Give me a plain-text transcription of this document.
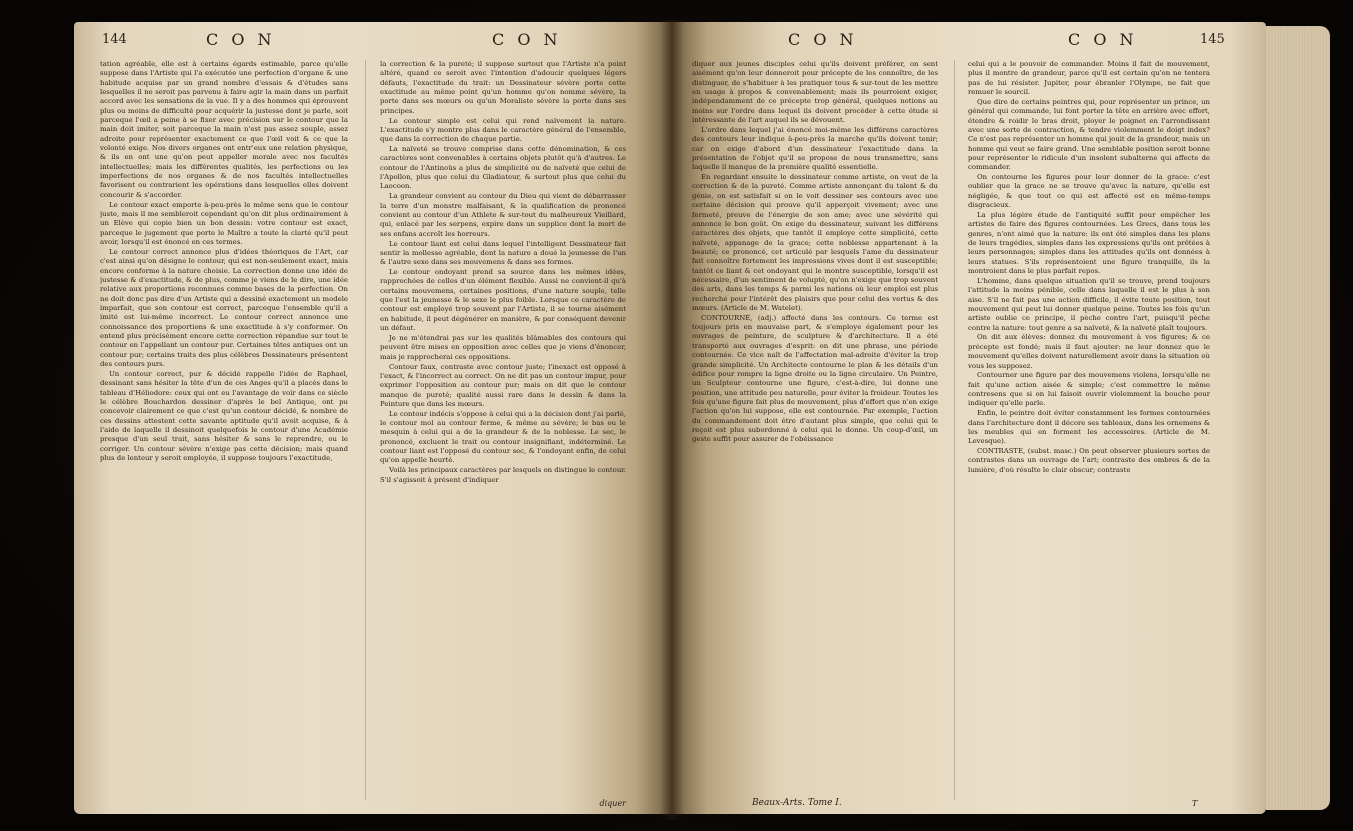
144	C O N	C O N

tation agréable, elle est à certains égards estimable, parce qu'elle suppose dans l'Artiste qui l'a exécutée une perfection d'organe & une habitude acquise par un grand nombre d'essais & d'études sans lesquelles il ne seroit pas parvenu à faire agir la main dans un parfait accord avec les sensations de la vue. Il y a des hommes qui éprouvent plus ou moins de difficulté pour acquérir la justesse dont je parle, soit parceque l'œil a peine à se fixer avec précision sur le contour que la main doit imiter, soit parceque la main n'est pas assez souple, assez adroite pour représenter exactement ce que l'œil voit & ce que la volonté exige. Nos divers organes ont entr'eux une relation physique, & ils en ont une qu'on peut appeller morale avec nos facultés intellectuelles; mais les différentes qualités, les perfections ou les imperfections de nos organes & de nos facultés intellectuelles favorisent ou contrarient les opérations dans lesquelles elles doivent concourir & s'accorder.

Le contour exact emporte à-peu-près le même sens que le contour juste, mais il me sembleroit cependant qu'on dit plus ordinairement à un Elève qui copie bien un bon dessin: votre contour est exact, parceque le jugement que porte le Maître a toute la clarté qu'il peut avoir, lorsqu'il est énoncé en ces termes.

Le contour correct annonce plus d'idées théoriques de l'Art, car c'est ainsi qu'on désigne le contour, qui est non-seulement exact, mais encore conforme à la nature choisie. La correction donne une idée de justesse & d'exactitude, & de plus, comme je viens de le dire, une idée relative aux proportions reconnues comme bases de la perfection. On ne doit donc pas dire d'un Artiste qui a dessiné exactement un modele imparfait, que son contour est correct, parceque l'ensemble qu'il a imité est lui-même incorrect. Le contour correct annonce une connoissance des proportions & une exactitude à s'y conformer. On entend plus précisément encore cette correction répandue sur tout le contour en l'appellant un contour pur. Certaines têtes antiques ont un contour pur; certains traits des plus célèbres Dessinateurs présentent des contours purs.

Un contour correct, pur & décidé rappelle l'idée de Raphael, dessinant sans hésiter la tête d'un de ces Anges qu'il a placés dans le tableau d'Héliodore: ceux qui ont eu l'avantage de voir dans ce siècle le célèbre Bouchardon dessiner d'après le bel Antique, ont pu concevoir clairement ce que c'est qu'un contour décidé, & nombre de ces dessins attestent cette savante aptitude qu'il avoit acquise, & à l'aide de laquelle il dessinoit quelquefois le contour d'une Académie presque d'un seul trait, sans hésiter & sans le reprendre, ou le corriger. Un contour sévère n'exige pas cette décision; mais quand plus de lenteur y seroit employée, il suppose toujours l'exactitude,

la correction & la pureté; il suppose surtout que l'Artiste n'a point altéré, quand ce seroit avec l'intention d'adoucir quelques légers défauts, l'exactitude du trait: un Dessinateur sévère porte cette exactitude au même point qu'un homme qu'on nomme sévère, la porte dans ses mœurs ou qu'un Moraliste sévère la porte dans ses principes.

Le contour simple est celui qui rend naïvement la nature. L'exactitude s'y montre plus dans le caractère général de l'ensemble, que dans la correction de chaque partie.

La naïveté se trouve comprise dans cette dénomination, & ces caractères sont convenables à certains objets plutôt qu'à d'autres. Le contour de l'Antinoüs a plus de simplicité ou de naïveté que celui de l'Apollon, plus que celui du Gladiateur, & surtout plus que celui du Laocoon.

La grandeur convient au contour du Dieu qui vient de débarrasser la terre d'un monstre malfaisant, & la qualification de prononcé convient au contour d'un Athlete & sur-tout du malheureux Vieillard, qui, enlacé par les serpens, expire dans un supplice dont la mort de ses enfans accroît les horreurs.

Le contour liant est celui dans lequel l'intelligent Dessinateur fait sentir la mollesse agréable, dont la nature a doué la jeunesse de l'un & l'autre sexe dans ses mouvemens & dans ses formes.

Le contour ondoyant prend sa source dans les mêmes idées, rapprochées de celles d'un élément flexible. Aussi ne convient-il qu'à certains mouvemens, certaines positions, d'une nature souple, telle que l'est la jeunesse & le sexe le plus foible. Lorsque ce caractère de contour est employé trop souvent par l'Artiste, il se tourne aisément en habitude, il peut dégénérer en manière, & par conséquent devenir un défaut.

Je ne m'étendrai pas sur les qualités blâmables des contours qui peuvent être mises en opposition avec celles que je viens d'énoncer, mais je rapprocherai ces oppositions.

Contour faux, contraste avec contour juste; l'inexact est opposé à l'exact, & l'incorrect au correct. On ne dit pas un contour impur, pour exprimer l'opposition au contour pur; mais on dit que le contour manque de pureté; qualité aussi rare dans le dessin & dans la Peinture que dans les mœurs.

Le contour indécis s'oppose à celui qui a la décision dont j'ai parlé, le contour mol au contour ferme, & même au sévère; le bas ou le mesquin à celui qui a de la grandeur & de la noblesse. Le sec, le prononcé, excluent le trait ou contour insignifiant, indéterminé. Le contour liant est l'opposé du contour sec, & l'ondoyant enfin, de celui qu'on appelle heurté.

Voilà les principaux caractères par lesquels on distingue le contour. S'il s'agissoit à présent d'indiquer

diquer
C O N	C O N	145

diquer aux jeunes disciples celui qu'ils doivent préférer, on sent aisément qu'on leur donneroit pour précepte de les connoître, de les distinguer, de s'habituer à les pratiquer tous & sur-tout de les mettre en usage à propos & convenablement; mais ils pourroient exiger, indépendamment de ce précepte trop général, quelques notions au moins sur l'ordre dans lequel ils doivent procéder à cette étude si intéressante de l'art auquel ils se dévouent.

L'ordre dans lequel j'ai énoncé moi-même les différens caractères des contours leur indique à-peu-près la marche qu'ils doivent tenir; car on exige d'abord d'un dessinateur l'exactitude dans la présentation de l'objet qu'il se propose de nous transmettre, sans laquelle il manque de la première qualité essentielle.

En regardant ensuite le dessinateur comme artiste, on veut de la correction & de la pureté. Comme artiste annonçant du talent & du génie, on est satisfait si on le voit dessiner ses contours avec une certaine décision qui prouve qu'il apperçoit vivement; avec une fermeté, preuve de l'énergie de son ame; avec une sévérité qui annonce le bon goût. On exige du dessinateur, suivant les différens caractères des objets, que tantôt il employe cette simplicité, cette naïveté, appanage de la grace; cette noblesse appartenant à la beauté; ce prononcé, cet articulé par lesquels l'ame du dessinateur fait connoître fortement les impressions vives dont il est susceptible; tantôt ce liant & cet ondoyant qui le montre susceptible, lorsqu'il est nécessaire, d'un sentiment de volupté, qu'on n'exige que trop souvent des arts, dans les temps & parmi les nations où leur emploi est plus recherché pour l'intérêt des plaisirs que pour celui des vertus & des mœurs. (Article de M. Watelet).

CONTOURNÉ, (adj.) affecté dans les contours. Ce terme est toujours pris en mauvaise part, & s'employe également pour les ouvrages de peinture, de sculpture & d'architecture. Il a été transporté aux ouvrages d'esprit: on dit une phrase, une période contournée. Ce vice naît de l'affectation mal-adroite d'éviter la trop grande simplicité. Un Architecte contourne le plan & les détails d'un édifice pour rompre la ligne droite ou la ligne circulaire. Un Peintre, un Sculpteur contourne une figure, c'est-à-dire, lui donne une position, une attitude peu naturelle, pour éviter la froideur. Toutes les fois qu'une figure fait plus de mouvement, plus d'effort que n'en exige l'action qu'on lui suppose, elle est contournée. Par exemple, l'action du commandement doit être d'autant plus simple, que celui qui le reçoit est plus subordonné à celui qui le donne. Un coup-d'œil, un geste suffit pour assurer de l'obéissance

celui qui a le pouvoir de commander. Moins il fait de mouvement, plus il montre de grandeur, parce qu'il est certain qu'on ne tentera pas de lui résister. Jupiter, pour ébranler l'Olympe, ne fait que remuer le sourcil.

Que dire de certains peintres qui, pour représenter un prince, un général qui commande, lui font porter la tête en arrière avec effort, étendre & roidir le bras droit, ployer le poignet en l'arrondissant avec une sorte de contraction, & tendre violemment le doigt index? Ce n'est pas représenter un homme qui jouit de la grandeur, mais un homme qui veut se faire grand. Une semblable position seroit bonne pour représenter le ridicule d'un insolent subalterne qui affecte de commander.

On contourne les figures pour leur donner de la grace: c'est oublier que la grace ne se trouve qu'avec la nature, qu'elle est négligée, & que tout ce qui est affecté est en même-temps disgracieux.

La plus légère étude de l'antiquité suffit pour empêcher les artistes de faire des figures contournées. Les Grecs, dans tous les genres, n'ont aimé que la nature: ils ont été simples dans les plans de leurs tragédies, simples dans les expressions qu'ils ont prêtées à leurs personnages; simples dans les attitudes qu'ils ont données à leurs statues. S'ils représentoient une figure tranquille, ils la montroient dans le plus parfait repos.

L'homme, dans quelque situation qu'il se trouve, prend toujours l'attitude la moins pénible, celle dans laquelle il est le plus à son aise. S'il ne fait pas une action difficile, il évite toute position, tout mouvement qui peut lui donner quelque peine. Toutes les fois qu'un artiste oublie ce principe, il pèche contre l'art, puisqu'il pèche contre la nature: tout genre a sa naïveté, & la naïveté plaît toujours.

On dit aux élèves: donnez du mouvement à vos figures; & ce précepte est fondé; mais il faut ajouter: ne leur donnez que le mouvement qu'elles doivent naturellement avoir dans la situation où vous les supposez.

Contourner une figure par des mouvemens violens, lorsqu'elle ne fait qu'une action aisée & simple; c'est commettre le même contresens que si on lui faisoit ouvrir violemment la bouche pour indiquer qu'elle parle.

Enfin, le peintre doit éviter constamment les formes contournées dans l'architecture dont il décore ses tableaux, dans les ornemens & les meubles qui en forment les accessoires. (Article de M. Levesque).

CONTRASTE, (subst. masc.) On peut observer plusieurs sortes de contrastes dans un ouvrage de l'art; contraste des ombres & de la lumière, d'où résulte le clair obscur; contraste

Beaux-Arts. Tome I.	T
